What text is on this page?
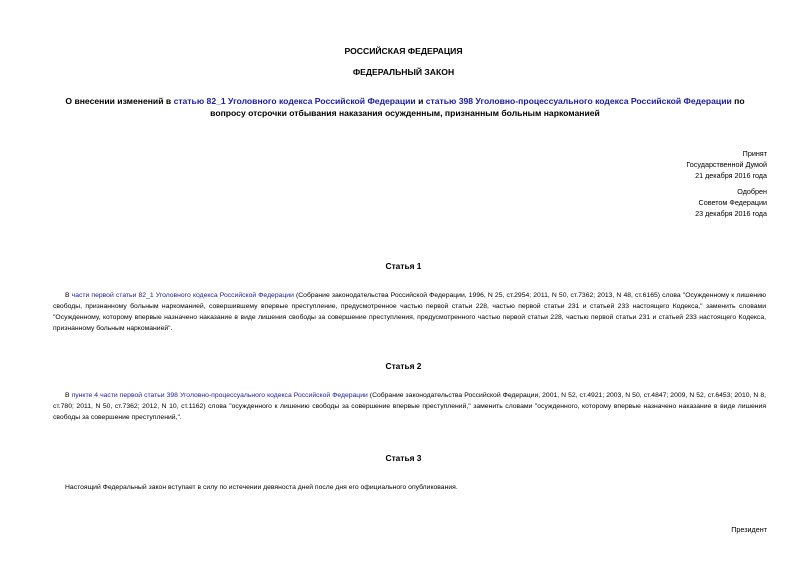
РОССИЙСКАЯ ФЕДЕРАЦИЯ
ФЕДЕРАЛЬНЫЙ ЗАКОН
О внесении изменений в статью 82_1 Уголовного кодекса Российской Федерации и статью 398 Уголовно-процессуального кодекса Российской Федерации по вопросу отсрочки отбывания наказания осужденным, признанным больным наркоманией
Принят
Государственной Думой
21 декабря 2016 года
Одобрен
Советом Федерации
23 декабря 2016 года
Статья 1
В части первой статьи 82_1 Уголовного кодекса Российской Федерации (Собрание законодательства Российской Федерации, 1996, N 25, ст.2954; 2011, N 50, ст.7362; 2013, N 48, ст.6165) слова "Осужденному к лишению свободы, признанному больным наркоманией, совершившему впервые преступление, предусмотренное частью первой статьи 228, частью первой статьи 231 и статьей 233 настоящего Кодекса," заменить словами "Осужденному, которому впервые назначено наказание в виде лишения свободы за совершение преступления, предусмотренного частью первой статьи 228, частью первой статьи 231 и статьей 233 настоящего Кодекса, признанному больным наркоманией".
Статья 2
В пункте 4 части первой статьи 398 Уголовно-процессуального кодекса Российской Федерации (Собрание законодательства Российской Федерации, 2001, N 52, ст.4921; 2003, N 50, ст.4847; 2009, N 52, ст.6453; 2010, N 8, ст.780; 2011, N 50, ст.7362; 2012, N 10, ст.1162) слова "осужденного к лишению свободы за совершение впервые преступлений," заменить словами "осужденного, которому впервые назначено наказание в виде лишения свободы за совершение преступлений,".
Статья 3
Настоящий Федеральный закон вступает в силу по истечении девяноста дней после дня его официального опубликования.
Президент
